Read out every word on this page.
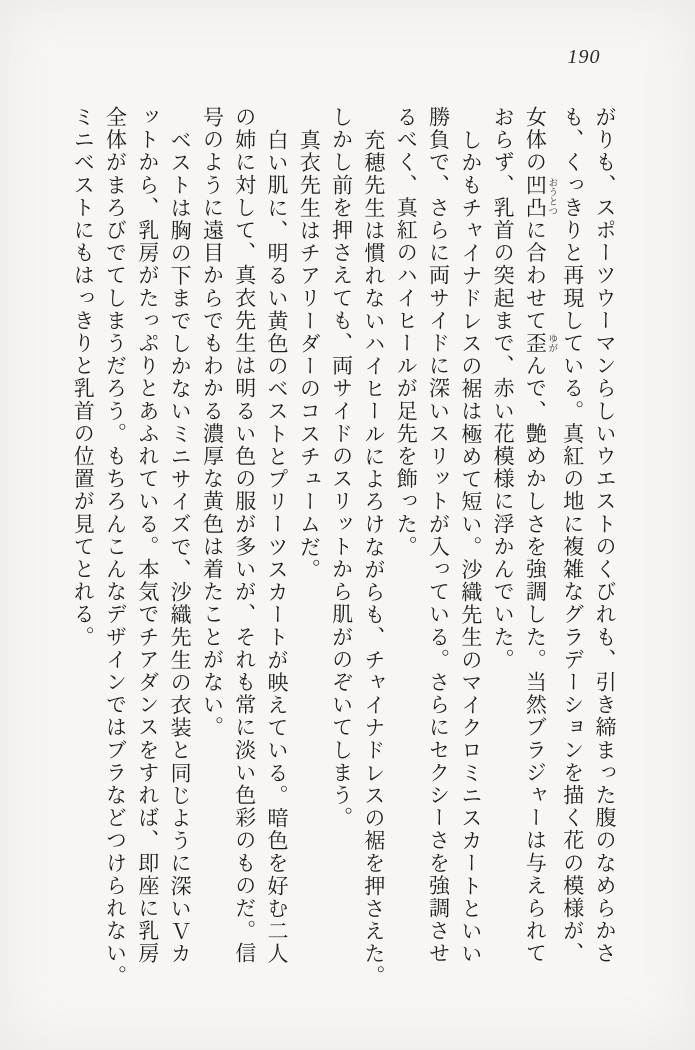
190
がりも、スポーツウーマンらしいウエストのくびれも、引き締まった腹のなめらかさ
も、くっきりと再現している。真紅の地に複雑なグラデーションを描く花の模様が、
女体の凹凸 おうとつに合わせて歪 ゆがんで、艶めかしさを強調した。当然ブラジャーは与えられて
おらず、乳首の突起まで、赤い花模様に浮かんでいた。
しかもチャイナドレスの裾は極めて短い。沙織先生のマイクロミニスカートといい
勝負で、さらに両サイドに深いスリットが入っている。さらにセクシーさを強調させ
るべく、真紅のハイヒールが足先を飾った。
充穂先生は慣れないハイヒールによろけながらも、チャイナドレスの裾を押さえた。
しかし前を押さえても、両サイドのスリットから肌がのぞいてしまう。
真衣先生はチアリーダーのコスチュームだ。
白い肌に、明るい黄色のベストとプリーツスカートが映えている。暗色を好む二人
の姉に対して、真衣先生は明るい色の服が多いが、それも常に淡い色彩のものだ。信
号のように遠目からでもわかる濃厚な黄色は着たことがない。
ベストは胸の下までしかないミニサイズで、沙織先生の衣装と同じように深いＶカ
ットから、乳房がたっぷりとあふれている。本気でチアダンスをすれば、即座に乳房
全体がまろびでてしまうだろう。もちろんこんなデザインではブラなどつけられない。
ミニベストにもはっきりと乳首の位置が見てとれる。
